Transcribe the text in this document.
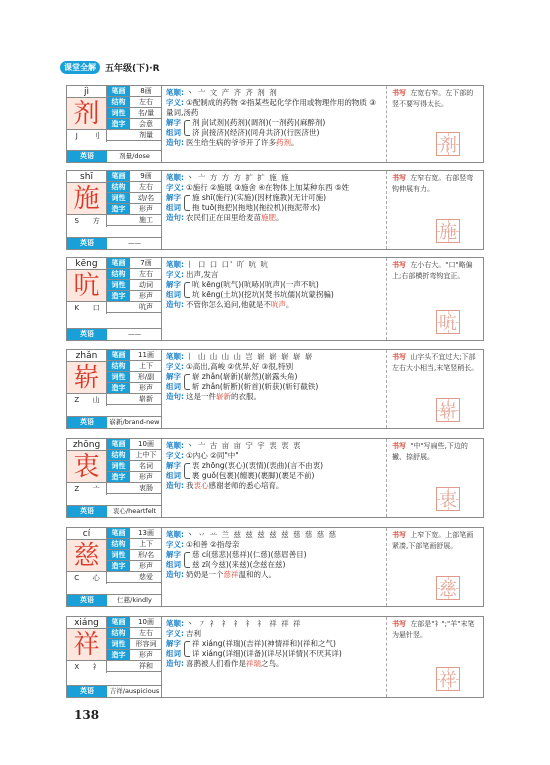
课堂全解	五年级(下)·R
jì
剂
J	刂
笔画	8画
结构	左右
词性	名/量
造字	会意
剂量
英语	剂量/dose
笔顺: 丶 亠 文 产 齐 齐 剂 剂
字义: ①配制成的药物 ②指某些起化学作用或物理作用的物质 ③量词,汤药
解字
组词
剂 jì(试剂)(药剂)(调剂)(一剂药)(麻醉剂)
济 jì(接济)(经济)(同舟共济)(行医济世)
造句: 医生给生病的爷爷开了许多 药剂 。
书写 左宽右窄。左下部的竖不要写得太长。
剂
shī
施
S	方
笔画	9画
结构	左右
词性	动/名
造字	形声
施工
英语	——
笔顺: 丶 亠 方 方 方 扩 扩 施 施
字义: ①施行 ②施展 ③施舍 ④在物体上加某种东西 ⑤姓
解字
组词
施 shī(施行)(实施)(因材施教)(无计可施)
拖 tuō(拖把)(拖地)(拖拉机)(拖泥带水)
造句: 农民们正在田里给麦苗 施肥 。
书写 左窄右宽。右部竖弯钩伸展有力。
施
kēng
吭
K	口
笔画	7画
结构	左右
词性	动词
造字	形声
吭声
英语	——
笔顺: 丨 口 口 口' 吖 吭 吭
字义: 出声,发言
解字
组词
吭 kēng(吭气)(吭哧)(吭声)(一声不吭)
坑 kēng(土坑)(挖坑)(焚书坑儒)(坑蒙拐骗)
造句: 不管你怎么追问,他就是不 吭声 。
书写 左小右大。"口"略偏上;右部横折弯钩宜正。
吭
zhǎn
崭
Z	山
笔画	11画
结构	上下
词性	形/副
造字	形声
崭新
英语	崭新/brand-new
笔顺: 丨 山 山 山 山 岂 崭 崭 崭 崭 崭
字义: ①高出,高峻 ②优异,好 ③很,特别
解字
组词
崭 zhǎn(崭新)(崭然)(崭露头角)
斩 zhǎn(斩断)(斩首)(斩获)(斩钉截铁)
造句: 这是一件 崭新 的衣服。
书写 山字头不宜过大;下部左右大小相当,末笔竖稍长。
崭
zhōng
衷
Z	亠
笔画	10画
结构	上中下
词性	名词
造字	形声
衷肠
英语	衷心/heartfelt
笔顺: 丶 亠 古 亩 亩 宁 宇 衷 衷 衷
字义: ①内心 ②同"中"
解字
组词
衷 zhōng(衷心)(衷情)(衷曲)(言不由衷)
裹 guǒ(包裹)(缠裹)(裹脚)(裹足不前)
造句: 我 衷心 感谢老师的悉心培育。
书写 "中"写扁些,下边的撇、捺舒展。
衷
cí
慈
C	心
笔画	13画
结构	上下
词性	形/名
造字	形声
慈爱
英语	仁慈/kindly
笔顺: 丶 丷 䒑 兰 兹 兹 兹 兹 兹 慈 慈 慈 慈
字义: ①和善 ②指母亲
解字
组词
慈 cí(慈悲)(慈祥)(仁慈)(慈眉善目)
兹 zī(今兹)(来兹)(念兹在兹)
造句: 奶奶是一个 慈祥 温和的人。
书写 上窄下宽。上部笔画紧凑,下部笔画舒展。
慈
xiáng
祥
X	礻
笔画	10画
结构	左右
词性	形容词
造字	形声
祥和
英语	吉祥/auspicious
笔顺: 丶 ㇇ 礻 礻 礻 礻 礻 祥 祥 祥
字义: 吉利
解字
组词
祥 xiáng(祥瑞)(吉祥)(神情祥和)(祥和之气)
详 xiáng(详细)(详备)(详尽)(详情)(不厌其详)
造句: 喜鹊被人们看作是 祥瑞 之鸟。
书写 左部是"礻";"羊"末笔为悬针竖。
祥
138
